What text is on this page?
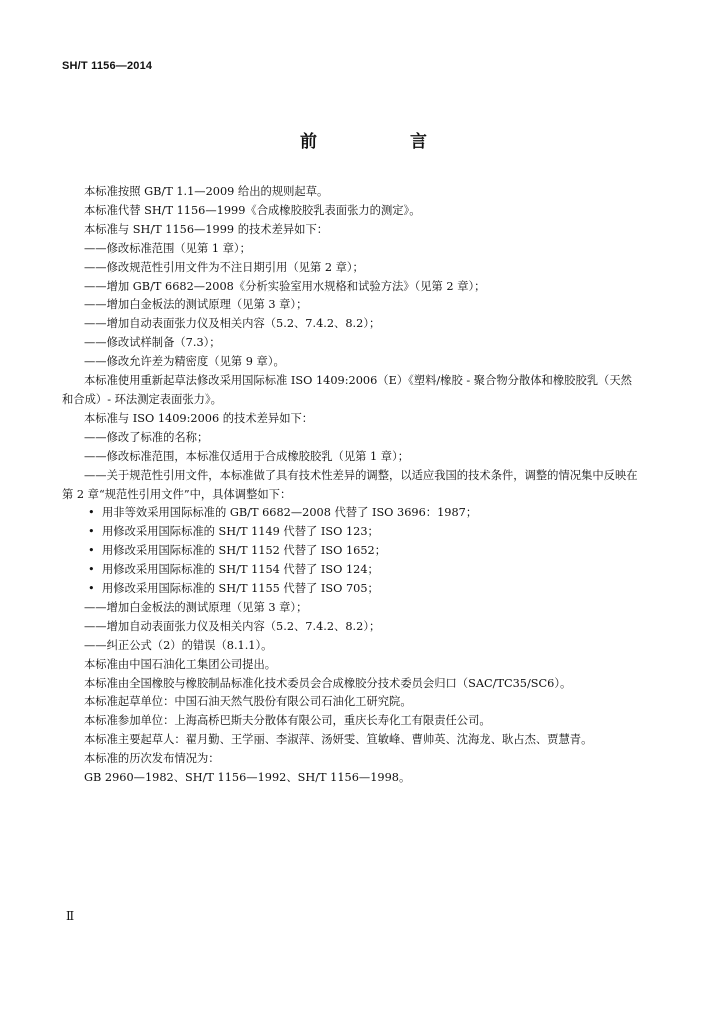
SH/T 1156—2014
前　言

本标准按照 GB/T 1.1—2009 给出的规则起草。

本标准代替 SH/T 1156—1999《合成橡胶胶乳表面张力的测定》。

本标准与 SH/T 1156—1999 的技术差异如下：

——修改标准范围（见第 1 章）；

——修改规范性引用文件为不注日期引用（见第 2 章）；

——增加 GB/T 6682—2008《分析实验室用水规格和试验方法》（见第 2 章）；

——增加白金板法的测试原理（见第 3 章）；

——增加自动表面张力仪及相关内容（5.2、7.4.2、8.2）；

——修改试样制备（7.3）；

——修改允许差为精密度（见第 9 章）。

本标准使用重新起草法修改采用国际标准 ISO 1409:2006（E）《塑料/橡胶 - 聚合物分散体和橡胶胶乳（天然和合成）- 环法测定表面张力》。

本标准与 ISO 1409:2006 的技术差异如下：

——修改了标准的名称；

——修改标准范围，本标准仅适用于合成橡胶胶乳（见第 1 章）；

——关于规范性引用文件，本标准做了具有技术性差异的调整，以适应我国的技术条件，调整的情况集中反映在第 2 章“规范性引用文件”中，具体调整如下：

• 用非等效采用国际标准的 GB/T 6682—2008 代替了 ISO 3696：1987；

• 用修改采用国际标准的 SH/T 1149 代替了 ISO 123；

• 用修改采用国际标准的 SH/T 1152 代替了 ISO 1652；

• 用修改采用国际标准的 SH/T 1154 代替了 ISO 124；

• 用修改采用国际标准的 SH/T 1155 代替了 ISO 705；

——增加白金板法的测试原理（见第 3 章）；

——增加自动表面张力仪及相关内容（5.2、7.4.2、8.2）；

——纠正公式（2）的错误（8.1.1）。

本标准由中国石油化工集团公司提出。

本标准由全国橡胶与橡胶制品标准化技术委员会合成橡胶分技术委员会归口（SAC/TC35/SC6）。

本标准起草单位：中国石油天然气股份有限公司石油化工研究院。

本标准参加单位：上海高桥巴斯夫分散体有限公司，重庆长寿化工有限责任公司。

本标准主要起草人：翟月勤、王学丽、李淑萍、汤妍雯、笪敏峰、曹帅英、沈海龙、耿占杰、贾慧青。

本标准的历次发布情况为：

GB 2960—1982、SH/T 1156—1992、SH/T 1156—1998。

Ⅱ
